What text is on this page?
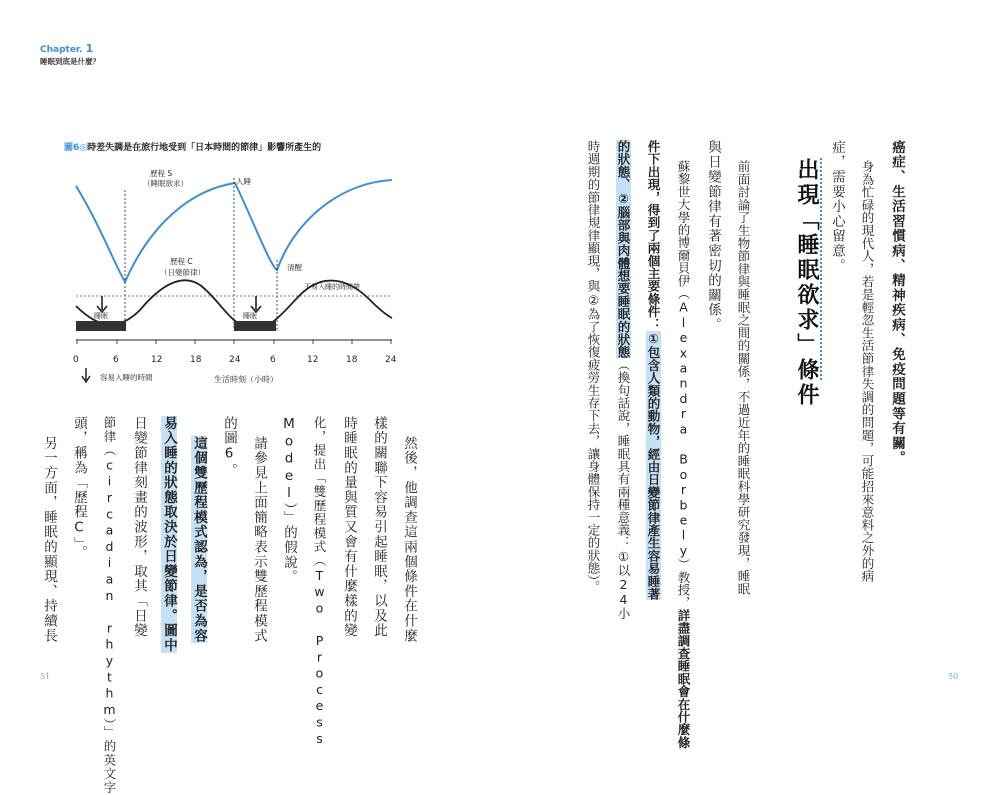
Chapter. 1
睡眠到底是什麼？
圖6◎時差失調是在旅行地受到「日本時間的節律」影響所產生的
睡眠	睡眠
0	6	12	18	24	6	12	18	24
歷程 S
（睡眠欲求）	入睡
歷程 C
（日變節律）
清醒
不易入睡的時間帶
容易入睡的時間	生活時刻（小時）
然後，他調查這兩個條件在什麼
樣的關聯下容易引起睡眠，以及此
時睡眠的量與質又會有什麼樣的變
化，提出「雙歷程模式（Two Process
Model）」的假說。
請參見上面簡略表示雙歷程模式
的圖6。
這個雙歷程模式認為，是否為容
易入睡的狀態取決於日變節律。圖中
日變節律刻畫的波形，取其「日變
節律（circadian rhythm）」的英文字
頭，稱為「歷程C」。
另一方面，睡眠的顯現、持續長
51
癌症、生活習慣病、精神疾病、免疫問題等有關。
身為忙碌的現代人，若是輕忽生活節律失調的問題，可能招來意料之外的病
症，需要小心留意。
前面討論了生物節律與睡眠之間的關係，不過近年的睡眠科學研究發現，睡眠
與日變節律有著密切的關係。
蘇黎世大學的博爾貝伊（Alexandra Borbely）教授，詳盡調查睡眠會在什麼條
件下出現，得到了兩個主要條件：①包含人類的動物，經由日變節律產生容易睡著
的狀態、②腦部與肉體想要睡眠的狀態（換句話說，睡眠具有兩種意義：①以24小
時週期的節律規律顯現，與②為了恢復疲勞生存下去，讓身體保持一定的狀態）。	出現「睡眠欲求」條件
50
